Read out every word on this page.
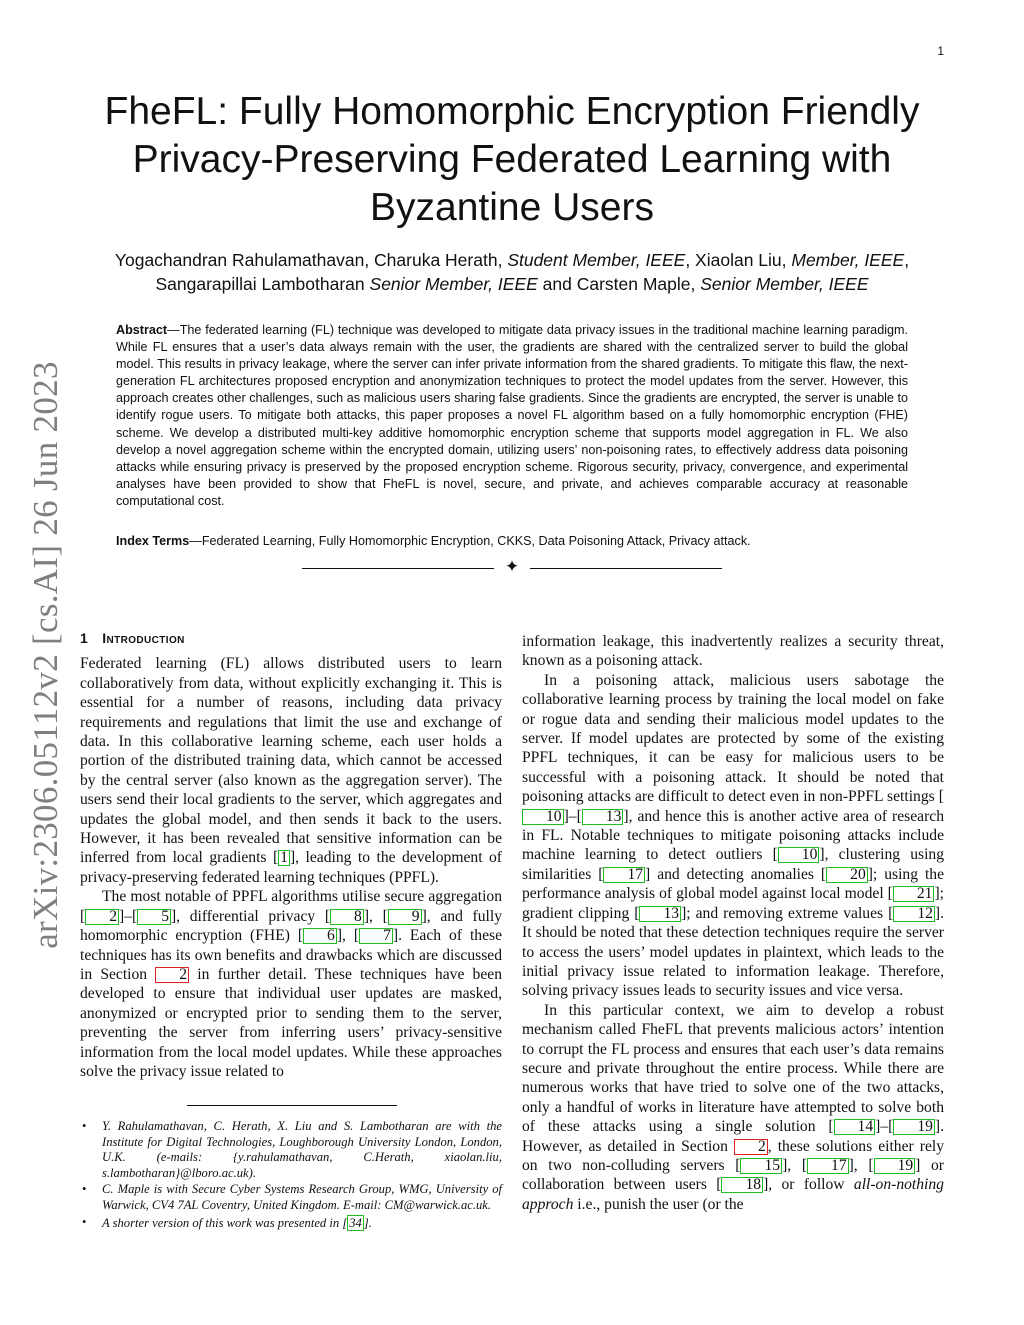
1
arXiv:2306.05112v2 [cs.AI] 26 Jun 2023
FheFL: Fully Homomorphic Encryption Friendly Privacy-Preserving Federated Learning with Byzantine Users

Yogachandran Rahulamathavan, Charuka Herath, Student Member, IEEE, Xiaolan Liu, Member, IEEE,
Sangarapillai Lambotharan Senior Member, IEEE and Carsten Maple, Senior Member, IEEE

Abstract—The federated learning (FL) technique was developed to mitigate data privacy issues in the traditional machine learning paradigm. While FL ensures that a user’s data always remain with the user, the gradients are shared with the centralized server to build the global model. This results in privacy leakage, where the server can infer private information from the shared gradients. To mitigate this flaw, the next-generation FL architectures proposed encryption and anonymization techniques to protect the model updates from the server. However, this approach creates other challenges, such as malicious users sharing false gradients. Since the gradients are encrypted, the server is unable to identify rogue users. To mitigate both attacks, this paper proposes a novel FL algorithm based on a fully homomorphic encryption (FHE) scheme. We develop a distributed multi-key additive homomorphic encryption scheme that supports model aggregation in FL. We also develop a novel aggregation scheme within the encrypted domain, utilizing users’ non-poisoning rates, to effectively address data poisoning attacks while ensuring privacy is preserved by the proposed encryption scheme. Rigorous security, privacy, convergence, and experimental analyses have been provided to show that FheFL is novel, secure, and private, and achieves comparable accuracy at reasonable computational cost.

Index Terms—Federated Learning, Fully Homomorphic Encryption, CKKS, Data Poisoning Attack, Privacy attack.

✦
1 Introduction

Federated learning (FL) allows distributed users to learn collaboratively from data, without explicitly exchanging it. This is essential for a number of reasons, including data privacy requirements and regulations that limit the use and exchange of data. In this collaborative learning scheme, each user holds a portion of the distributed training data, which cannot be accessed by the central server (also known as the aggregation server). The users send their local gradients to the server, which aggregates and updates the global model, and then sends it back to the users. However, it has been revealed that sensitive information can be inferred from local gradients [ 1 ], leading to the development of privacy-preserving federated learning techniques (PPFL).

The most notable of PPFL algorithms utilise secure aggregation [ 2 ]–[ 5 ], differential privacy [ 8 ], [ 9 ], and fully homomorphic encryption (FHE) [ 6 ], [ 7 ]. Each of these techniques has its own benefits and drawbacks which are discussed in Section 2 in further detail. These techniques have been developed to ensure that individual user updates are masked, anonymized or encrypted prior to sending them to the server, preventing the server from inferring users’ privacy-sensitive information from the local model updates. While these approaches solve the privacy issue related to

• Y. Rahulamathavan, C. Herath, X. Liu and S. Lambotharan are with the Institute for Digital Technologies, Loughborough University London, London, U.K. (e-mails: {y.rahulamathavan, C.Herath, xiaolan.liu, s.lambotharan}@lboro.ac.uk).
• C. Maple is with Secure Cyber Systems Research Group, WMG, University of Warwick, CV4 7AL Coventry, United Kingdom. E-mail: CM@warwick.ac.uk.
• A shorter version of this work was presented in [ 34 ].

information leakage, this inadvertently realizes a security threat, known as a poisoning attack.

In a poisoning attack, malicious users sabotage the collaborative learning process by training the local model on fake or rogue data and sending their malicious model updates to the server. If model updates are protected by some of the existing PPFL techniques, it can be easy for malicious users to be successful with a poisoning attack. It should be noted that poisoning attacks are difficult to detect even in non-PPFL settings [10 ]–[ 13 ], and hence this is another active area of research in FL. Notable techniques to mitigate poisoning attacks include machine learning to detect outliers [ 10 ], clustering using similarities [ 17 ] and detecting anomalies [ 20 ]; using the performance analysis of global model against local model [ 21 ]; gradient clipping [ 13 ]; and removing extreme values [ 12 ]. It should be noted that these detection techniques require the server to access the users’ model updates in plaintext, which leads to the initial privacy issue related to information leakage. Therefore, solving privacy issues leads to security issues and vice versa.

In this particular context, we aim to develop a robust mechanism called FheFL that prevents malicious actors’ intention to corrupt the FL process and ensures that each user’s data remains secure and private throughout the entire process. While there are numerous works that have tried to solve one of the two attacks, only a handful of works in literature have attempted to solve both of these attacks using a single solution [ 14 ]–[ 19 ]. However, as detailed in Section 2 , these solutions either rely on two non-colluding servers [ 15 ], [ 17 ], [ 19 ] or collaboration between users [ 18 ], or follow all-on-nothing approch i.e., punish the user (or the
